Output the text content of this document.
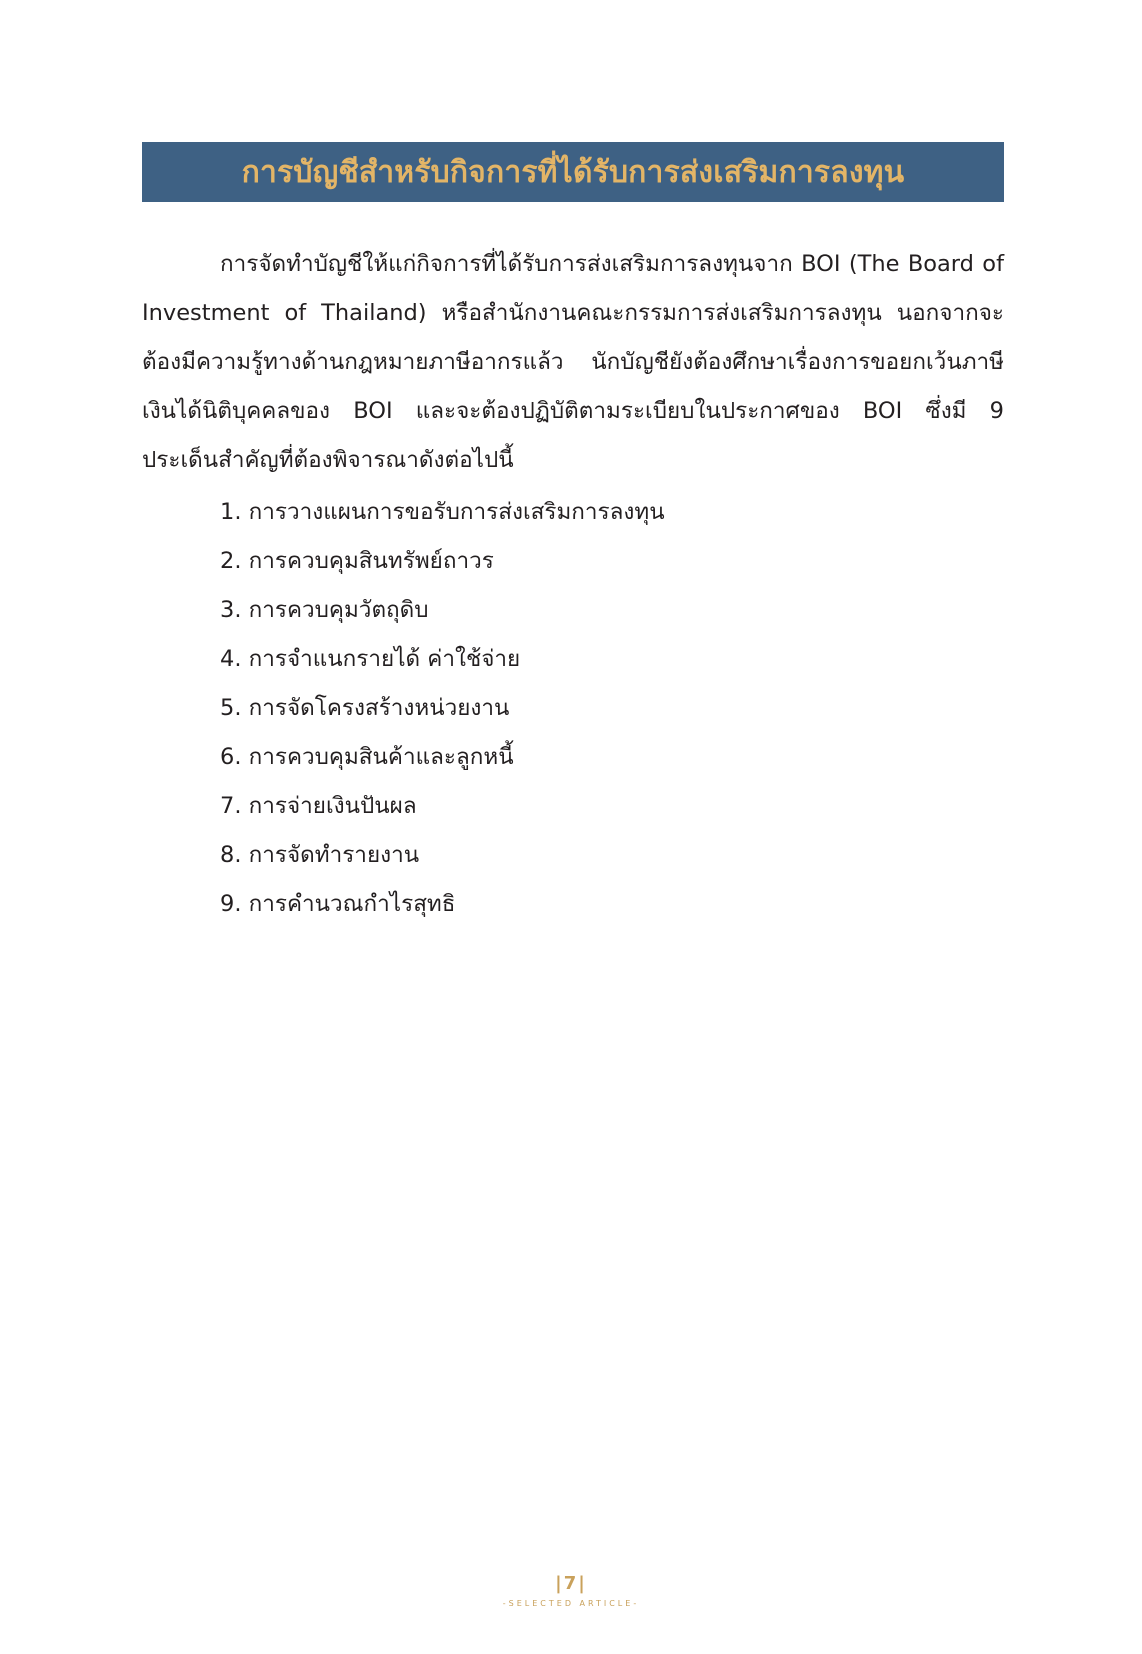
การบัญชีสำหรับกิจการที่ได้รับการส่งเสริมการลงทุน

การจัดทำบัญชีให้แก่กิจการที่ได้รับการส่งเสริมการลงทุนจาก BOI (The Board of Investment of Thailand) หรือสำนักงานคณะกรรมการส่งเสริมการลงทุน นอกจากจะต้องมีความรู้ทางด้านกฎหมายภาษีอากรแล้ว นักบัญชียังต้องศึกษาเรื่องการขอยกเว้นภาษีเงินได้นิติบุคคลของ BOI และจะต้องปฏิบัติตามระเบียบในประกาศของ BOI ซึ่งมี 9 ประเด็นสำคัญที่ต้องพิจารณาดังต่อไปนี้

1. การวางแผนการขอรับการส่งเสริมการลงทุน
2. การควบคุมสินทรัพย์ถาวร
3. การควบคุมวัตถุดิบ
4. การจำแนกรายได้ ค่าใช้จ่าย
5. การจัดโครงสร้างหน่วยงาน
6. การควบคุมสินค้าและลูกหนี้
7. การจ่ายเงินปันผล
8. การจัดทำรายงาน
9. การคำนวณกำไรสุทธิ
|7|
-SELECTED ARTICLE-
